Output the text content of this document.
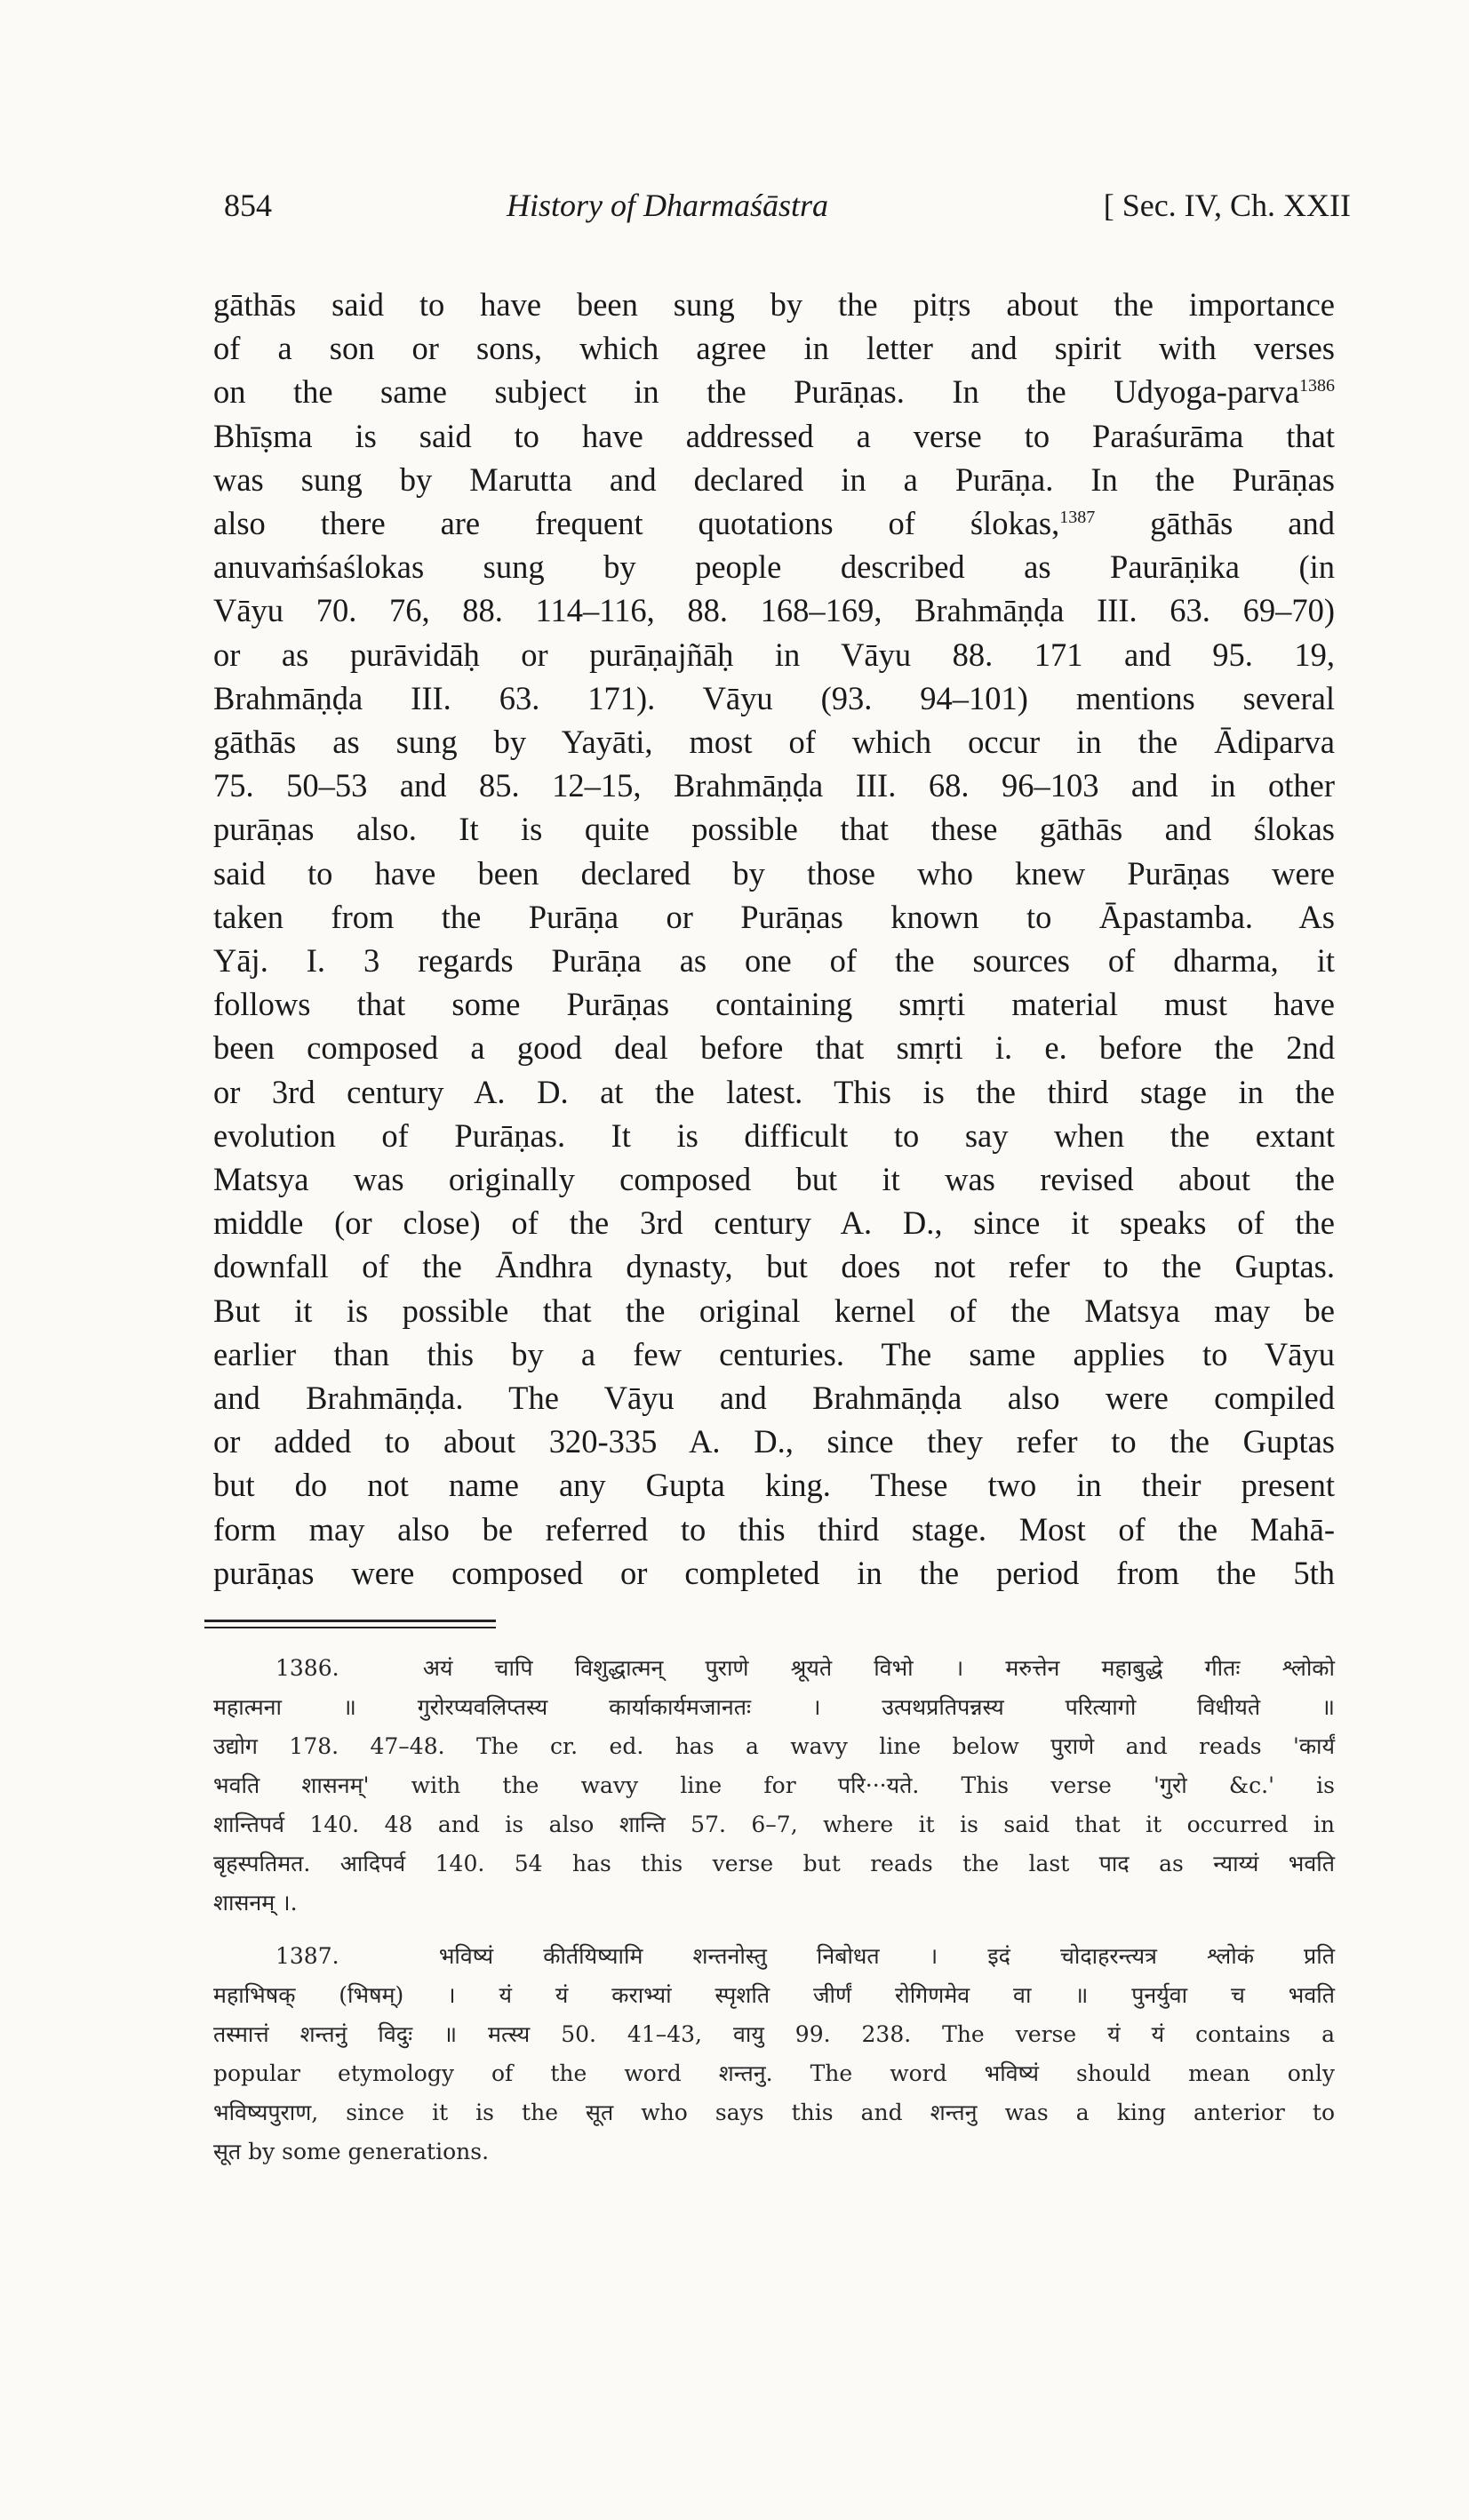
854	History of Dharmaśāstra	[ Sec. IV, Ch. XXII
gāthās said to have been sung by the pitṛs about the importance
of a son or sons, which agree in letter and spirit with verses
on the same subject in the Purāṇas. In the Udyoga-parva$^{1386}$
Bhīṣma is said to have addressed a verse to Paraśurāma that
was sung by Marutta and declared in a Purāṇa. In the Purāṇas
also there are frequent quotations of ślokas,$^{1387}$ gāthās and
anuvaṁśaślokas sung by people described as Paurāṇika (in
Vāyu 70. 76, 88. 114–116, 88. 168–169, Brahmāṇḍa III. 63. 69–70)
or as purāvidāḥ or purāṇajñāḥ in Vāyu 88. 171 and 95. 19,
Brahmāṇḍa III. 63. 171). Vāyu (93. 94–101) mentions several
gāthās as sung by Yayāti, most of which occur in the Ādiparva
75. 50–53 and 85. 12–15, Brahmāṇḍa III. 68. 96–103 and in other
purāṇas also. It is quite possible that these gāthās and ślokas
said to have been declared by those who knew Purāṇas were
taken from the Purāṇa or Purāṇas known to Āpastamba. As
Yāj. I. 3 regards Purāṇa as one of the sources of dharma, it
follows that some Purāṇas containing smṛti material must have
been composed a good deal before that smṛti i. e. before the 2nd
or 3rd century A. D. at the latest. This is the third stage in the
evolution of Purāṇas. It is difficult to say when the extant
Matsya was originally composed but it was revised about the
middle (or close) of the 3rd century A. D., since it speaks of the
downfall of the Āndhra dynasty, but does not refer to the Guptas.
But it is possible that the original kernel of the Matsya may be
earlier than this by a few centuries. The same applies to Vāyu
and Brahmāṇḍa. The Vāyu and Brahmāṇḍa also were compiled
or added to about 320-335 A. D., since they refer to the Guptas
but do not name any Gupta king. These two in their present
form may also be referred to this third stage. Most of the Mahā-
purāṇas were composed or completed in the period from the 5th
1386.	अयं चापि विशुद्धात्मन् पुराणे श्रूयते विभो । मरुत्तेन महाबुद्धे गीतः श्लोको
महात्मना ॥ गुरोरप्यवलिप्तस्य कार्याकार्यमजानतः । उत्पथप्रतिपन्नस्य परित्यागो विधीयते ॥
उद्योग 178. 47–48. The cr. ed. has a wavy line below पुराणे and reads 'कार्यं
भवति शासनम्' with the wavy line for परि···यते. This verse 'गुरो &c.' is
शान्तिपर्व 140. 48 and is also शान्ति 57. 6–7, where it is said that it occurred in
बृहस्पतिमत. आदिपर्व 140. 54 has this verse but reads the last पाद as न्याय्यं भवति
शासनम् ।.
1387.	भविष्यं कीर्तयिष्यामि शन्तनोस्तु निबोधत । इदं चोदाहरन्त्यत्र श्लोकं प्रति
महाभिषक् (भिषम्) । यं यं कराभ्यां स्पृशति जीर्णं रोगिणमेव वा ॥ पुनर्युवा च भवति
तस्मात्तं शन्तनुं विदुः ॥ मत्स्य 50. 41–43, वायु 99. 238. The verse यं यं contains a
popular etymology of the word शन्तनु. The word भविष्यं should mean only
भविष्यपुराण, since it is the सूत who says this and शन्तनु was a king anterior to
सूत by some generations.
